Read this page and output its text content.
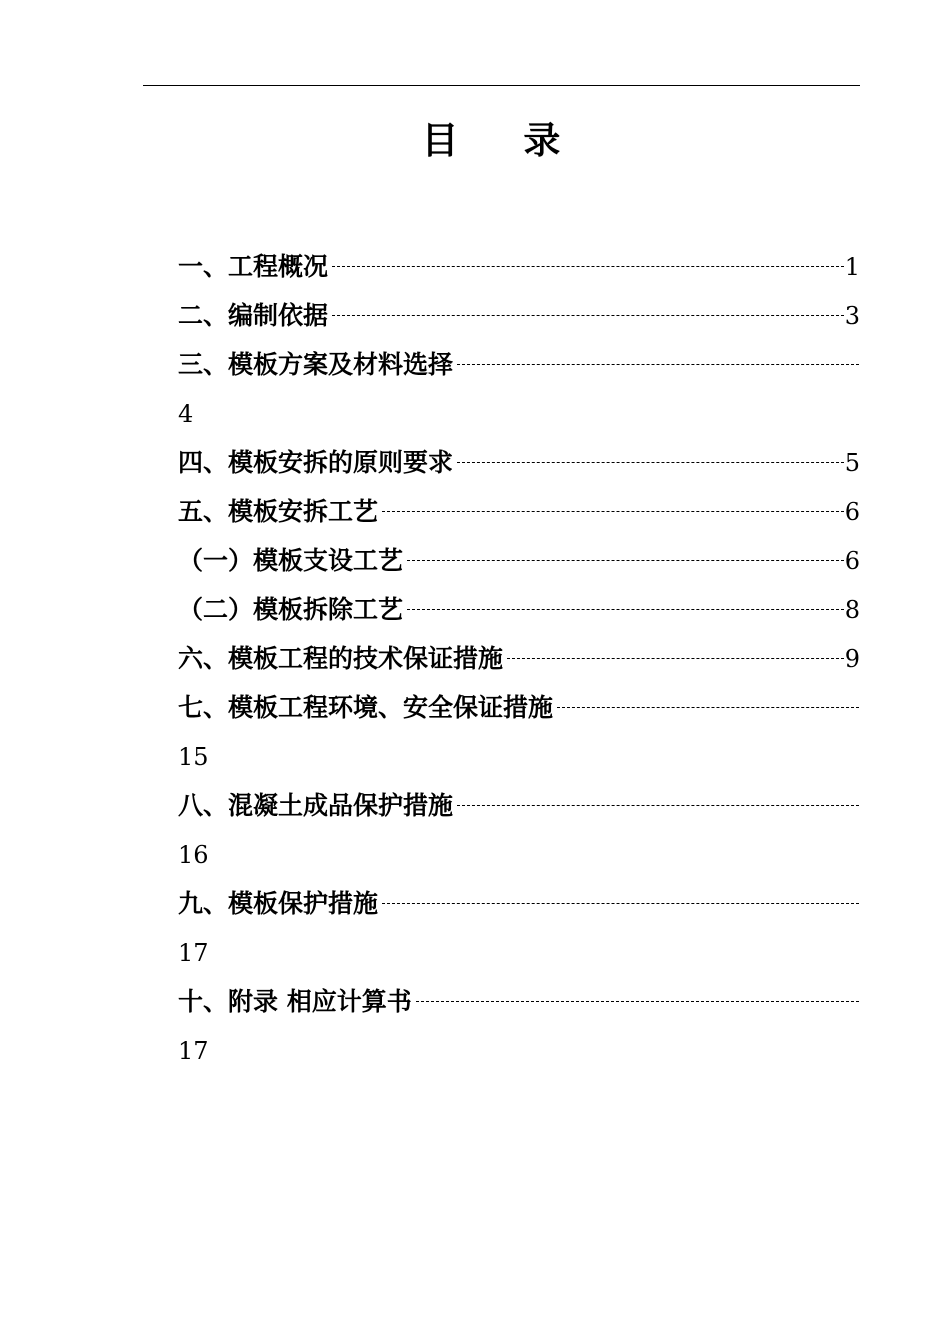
目 录
一、工程概况	1
二、编制依据	3
三、模板方案及材料选择
4
四、模板安拆的原则要求	5
五、模板安拆工艺	6
（一）模板支设工艺	6
（二）模板拆除工艺	8
六、模板工程的技术保证措施	9
七、模板工程环境、安全保证措施
15
八、混凝土成品保护措施
16
九、模板保护措施
17
十、附录 相应计算书
17
